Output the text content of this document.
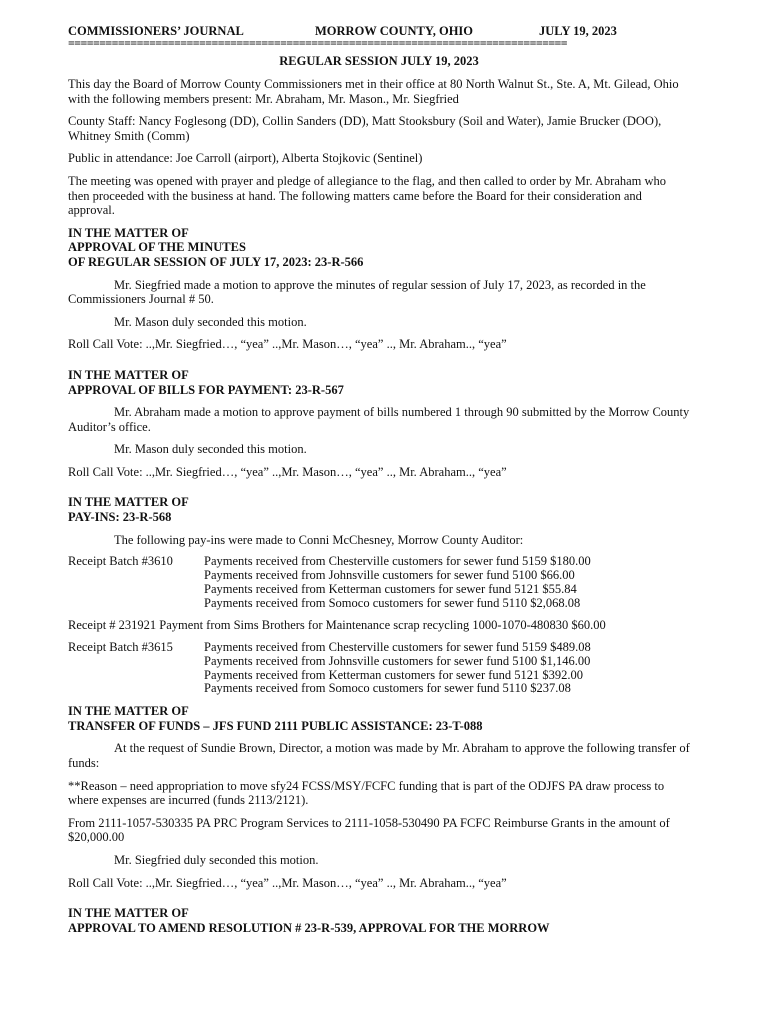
COMMISSIONERS’ JOURNAL	MORROW COUNTY, OHIO	JULY 19, 2023
================================================================================
REGULAR SESSION JULY 19, 2023

This day the Board of Morrow County Commissioners met in their office at 80 North Walnut St., Ste. A, Mt. Gilead, Ohio with the following members present: Mr. Abraham, Mr. Mason., Mr. Siegfried

County Staff: Nancy Foglesong (DD), Collin Sanders (DD), Matt Stooksbury (Soil and Water), Jamie Brucker (DOO), Whitney Smith (Comm)

Public in attendance: Joe Carroll (airport), Alberta Stojkovic (Sentinel)

The meeting was opened with prayer and pledge of allegiance to the flag, and then called to order by Mr. Abraham who then proceeded with the business at hand. The following matters came before the Board for their consideration and approval.

IN THE MATTER OF

APPROVAL OF THE MINUTES

OF REGULAR SESSION OF JULY 17, 2023: 23-R-566

Mr. Siegfried made a motion to approve the minutes of regular session of July 17, 2023, as recorded in the Commissioners Journal # 50.

Mr. Mason duly seconded this motion.

Roll Call Vote: ..,Mr. Siegfried…, “yea” ..,Mr. Mason…, “yea” .., Mr. Abraham.., “yea”

IN THE MATTER OF

APPROVAL OF BILLS FOR PAYMENT: 23-R-567

Mr. Abraham made a motion to approve payment of bills numbered 1 through 90 submitted by the Morrow County Auditor’s office.

Mr. Mason duly seconded this motion.

Roll Call Vote: ..,Mr. Siegfried…, “yea” ..,Mr. Mason…, “yea” .., Mr. Abraham.., “yea”

IN THE MATTER OF

PAY-INS: 23-R-568

The following pay-ins were made to Conni McChesney, Morrow County Auditor:

Receipt Batch #3610	Payments received from Chesterville customers for sewer fund 5159 $180.00
Payments received from Johnsville customers for sewer fund 5100 $66.00
Payments received from Ketterman customers for sewer fund 5121 $55.84
Payments received from Somoco customers for sewer fund 5110 $2,068.08

Receipt # 231921 Payment from Sims Brothers for Maintenance scrap recycling 1000-1070-480830 $60.00

Receipt Batch #3615	Payments received from Chesterville customers for sewer fund 5159 $489.08
Payments received from Johnsville customers for sewer fund 5100 $1,146.00
Payments received from Ketterman customers for sewer fund 5121 $392.00
Payments received from Somoco customers for sewer fund 5110 $237.08

IN THE MATTER OF

TRANSFER OF FUNDS – JFS FUND 2111 PUBLIC ASSISTANCE: 23-T-088

At the request of Sundie Brown, Director, a motion was made by Mr. Abraham to approve the following transfer of funds:

**Reason – need appropriation to move sfy24 FCSS/MSY/FCFC funding that is part of the ODJFS PA draw process to where expenses are incurred (funds 2113/2121).

From 2111-1057-530335 PA PRC Program Services to 2111-1058-530490 PA FCFC Reimburse Grants in the amount of $20,000.00

Mr. Siegfried duly seconded this motion.

Roll Call Vote: ..,Mr. Siegfried…, “yea” ..,Mr. Mason…, “yea” .., Mr. Abraham.., “yea”

IN THE MATTER OF

APPROVAL TO AMEND RESOLUTION # 23-R-539, APPROVAL FOR THE MORROW
